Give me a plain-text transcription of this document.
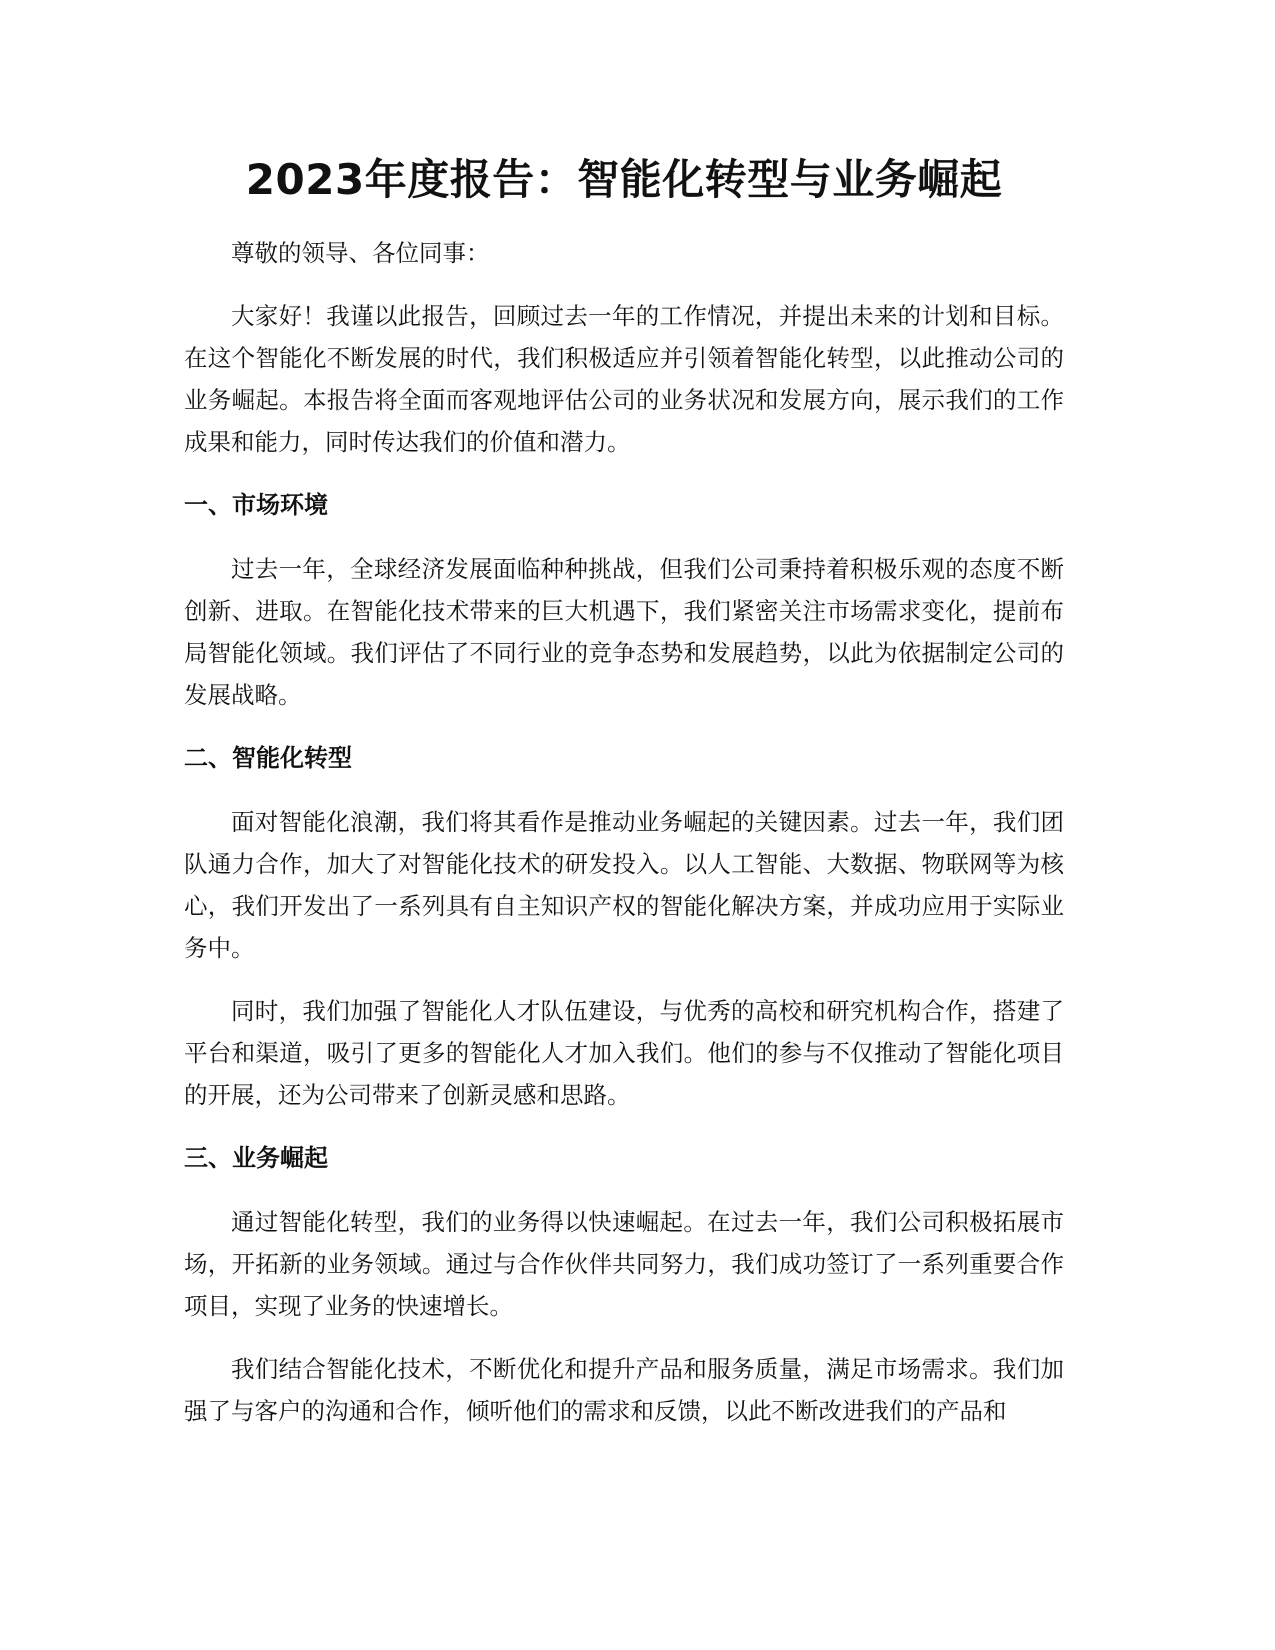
2023年度报告：智能化转型与业务崛起

尊敬的领导、各位同事：

大家好！我谨以此报告，回顾过去一年的工作情况，并提出未来的计划和目标。在这个智能化不断发展的时代，我们积极适应并引领着智能化转型，以此推动公司的业务崛起。本报告将全面而客观地评估公司的业务状况和发展方向，展示我们的工作成果和能力，同时传达我们的价值和潜力。

一、市场环境

过去一年，全球经济发展面临种种挑战，但我们公司秉持着积极乐观的态度不断创新、进取。在智能化技术带来的巨大机遇下，我们紧密关注市场需求变化，提前布局智能化领域。我们评估了不同行业的竞争态势和发展趋势，以此为依据制定公司的发展战略。

二、智能化转型

面对智能化浪潮，我们将其看作是推动业务崛起的关键因素。过去一年，我们团队通力合作，加大了对智能化技术的研发投入。以人工智能、大数据、物联网等为核心，我们开发出了一系列具有自主知识产权的智能化解决方案，并成功应用于实际业务中。

同时，我们加强了智能化人才队伍建设，与优秀的高校和研究机构合作，搭建了平台和渠道，吸引了更多的智能化人才加入我们。他们的参与不仅推动了智能化项目的开展，还为公司带来了创新灵感和思路。

三、业务崛起

通过智能化转型，我们的业务得以快速崛起。在过去一年，我们公司积极拓展市场，开拓新的业务领域。通过与合作伙伴共同努力，我们成功签订了一系列重要合作项目，实现了业务的快速增长。

我们结合智能化技术，不断优化和提升产品和服务质量，满足市场需求。我们加强了与客户的沟通和合作，倾听他们的需求和反馈，以此不断改进我们的产品和
